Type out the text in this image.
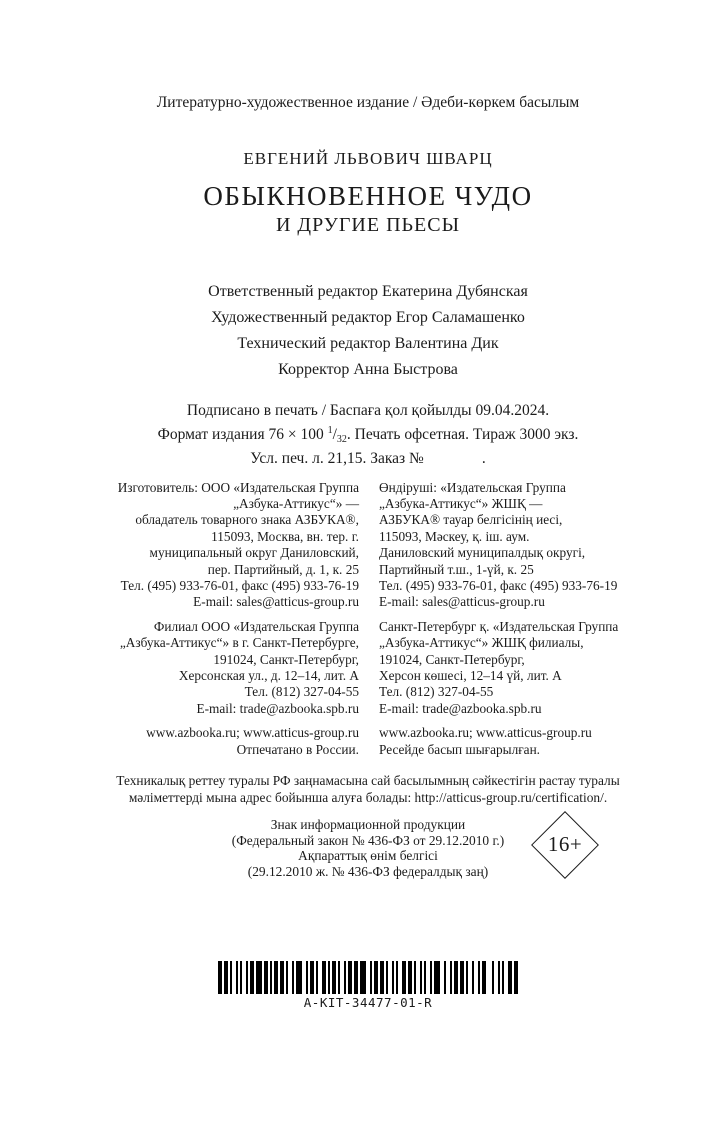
Литературно-художественное издание / Әдеби-көркем басылым
ЕВГЕНИЙ ЛЬВОВИЧ ШВАРЦ
ОБЫКНОВЕННОЕ ЧУДО
И ДРУГИЕ ПЬЕСЫ
Ответственный редактор Екатерина Дубянская
Художественный редактор Егор Саламашенко
Технический редактор Валентина Дик
Корректор Анна Быстрова
Подписано в печать / Баспаға қол қойылды 09.04.2024.
Формат издания 76 × 100 $^1/_{32}$. Печать офсетная. Тираж 3000 экз.
Усл. печ. л. 21,15. Заказ №	.
Изготовитель: ООО «Издательская Группа
„Азбука-Аттикус“» —
обладатель товарного знака АЗБУКА®,
115093, Москва, вн. тер. г.
муниципальный округ Даниловский,
пер. Партийный, д. 1, к. 25
Тел. (495) 933-76-01, факс (495) 933-76-19
E-mail: sales@atticus-group.ru
Филиал ООО «Издательская Группа
„Азбука-Аттикус“» в г. Санкт-Петербурге,
191024, Санкт-Петербург,
Херсонская ул., д. 12–14, лит. А
Тел. (812) 327-04-55
E-mail: trade@azbooka.spb.ru
www.azbooka.ru; www.atticus-group.ru
Отпечатано в России.
Өндіруші: «Издательская Группа
„Азбука-Аттикус“» ЖШҚ —
АЗБУКА® тауар белгісінің иесі,
115093, Мәскеу, қ. іш. аум.
Даниловский муниципалдық округі,
Партийный т.ш., 1-үй, к. 25
Тел. (495) 933-76-01, факс (495) 933-76-19
E-mail: sales@atticus-group.ru
Санкт-Петербург қ. «Издательская Группа
„Азбука-Аттикус“» ЖШҚ филиалы,
191024, Санкт-Петербург,
Херсон көшесі, 12–14 үй, лит. А
Тел. (812) 327-04-55
E-mail: trade@azbooka.spb.ru
www.azbooka.ru; www.atticus-group.ru
Ресейде басып шығарылған.
Техникалық реттеу туралы РФ заңнамасына сай басылымның сәйкестігін растау туралы
мәліметтерді мына адрес бойынша алуға болады: http://atticus-group.ru/certification/.
Знак информационной продукции
(Федеральный закон № 436-ФЗ от 29.12.2010 г.)
Ақпараттық өнім белгісі
(29.12.2010 ж. № 436-ФЗ федералдық заң)
16+
A-KIT-34477-01-R
